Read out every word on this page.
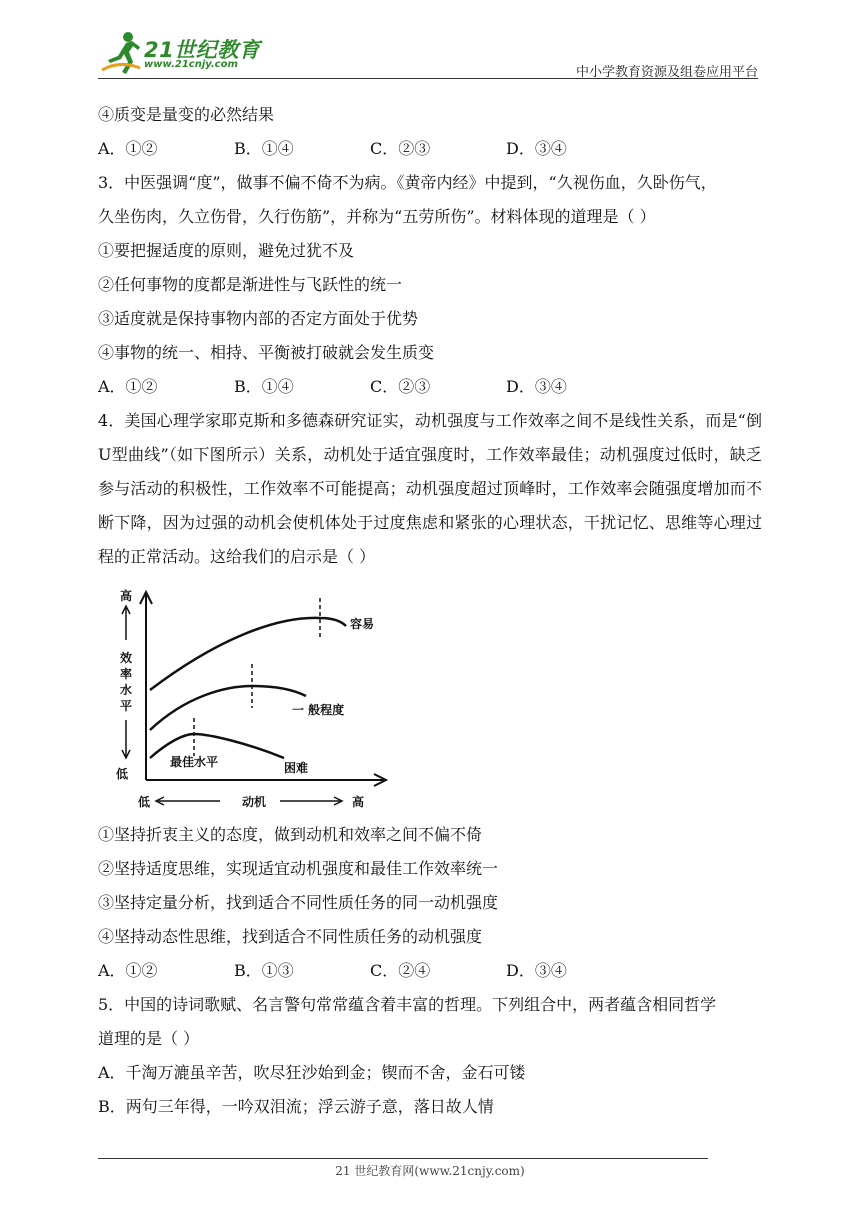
21世纪教育
www.21cnjy.com
中小学教育资源及组卷应用平台

④质变是量变的必然结果

A．①②	B．①④	C．②③	D．③④

3．中医强调“度”，做事不偏不倚不为病。《黄帝内经》中提到，“久视伤血，久卧伤气，

久坐伤肉，久立伤骨，久行伤筋”，并称为“五劳所伤”。材料体现的道理是（ ）

①要把握适度的原则，避免过犹不及

②任何事物的度都是渐进性与飞跃性的统一

③适度就是保持事物内部的否定方面处于优势

④事物的统一、相持、平衡被打破就会发生质变

A．①②	B．①④	C．②③	D．③④

4．美国心理学家耶克斯和多德森研究证实，动机强度与工作效率之间不是线性关系，而是“倒U型曲线”（如下图所示）关系，动机处于适宜强度时，工作效率最佳；动机强度过低时，缺乏参与活动的积极性，工作效率不可能提高；动机强度超过顶峰时，工作效率会随强度增加而不断下降，因为过强的动机会使机体处于过度焦虑和紧张的心理状态，干扰记忆、思维等心理过程的正常活动。这给我们的启示是（ ）

高
效
率
水
平
低
低	动机	高
容易
一 般程度
最佳水平	困难

①坚持折衷主义的态度，做到动机和效率之间不偏不倚

②坚持适度思维，实现适宜动机强度和最佳工作效率统一

③坚持定量分析，找到适合不同性质任务的同一动机强度

④坚持动态性思维，找到适合不同性质任务的动机强度

A．①②	B．①③	C．②④	D．③④

5．中国的诗词歌赋、名言警句常常蕴含着丰富的哲理。下列组合中，两者蕴含相同哲学

道理的是（ ）

A．千淘万漉虽辛苦，吹尽狂沙始到金；锲而不舍，金石可镂

B．两句三年得，一吟双泪流；浮云游子意，落日故人情

21 世纪教育网(www.21cnjy.com)
